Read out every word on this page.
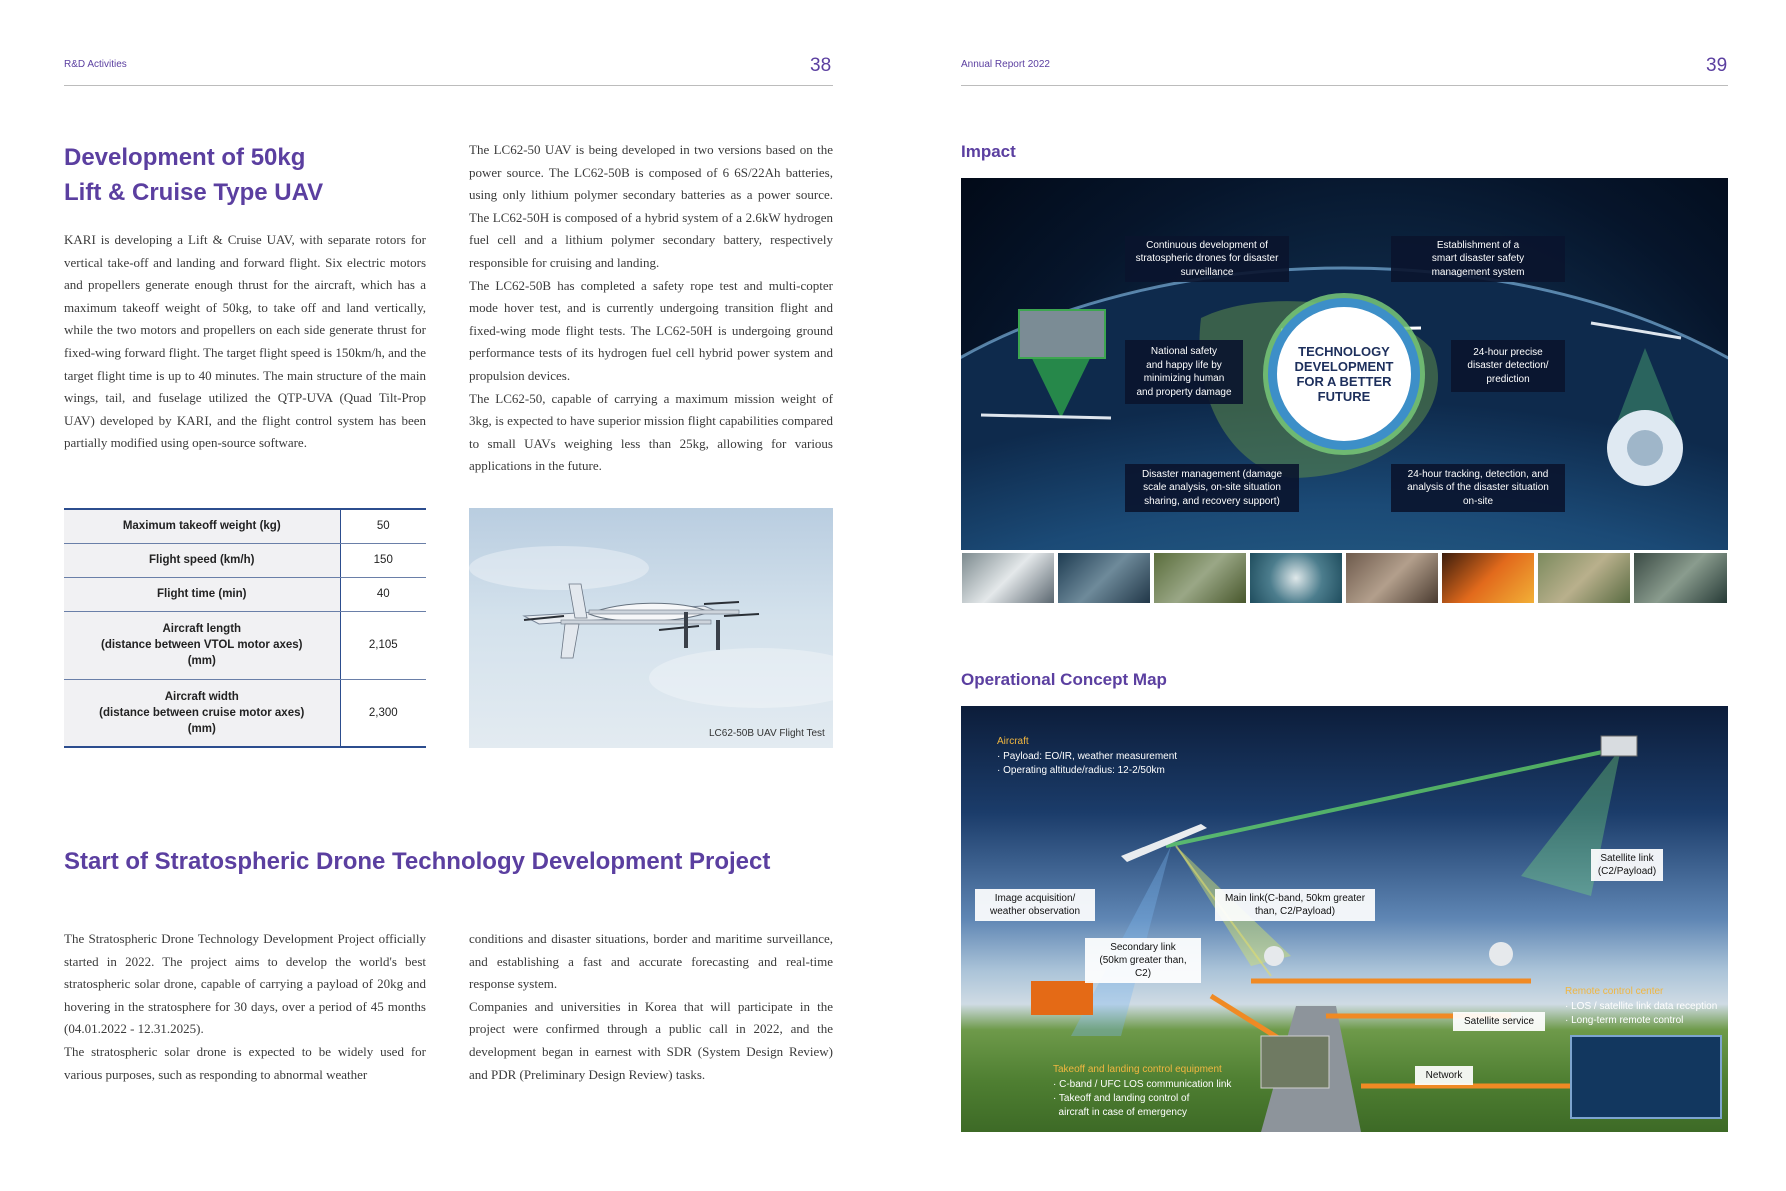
R&D Activities	38
Development of 50kg
Lift & Cruise Type UAV

KARI is developing a Lift & Cruise UAV, with separate rotors for vertical take-off and landing and forward flight. Six electric motors and propellers generate enough thrust for the aircraft, which has a maximum takeoff weight of 50kg, to take off and land vertically, while the two motors and propellers on each side generate thrust for fixed-wing forward flight. The target flight speed is 150km/h, and the target flight time is up to 40 minutes. The main structure of the main wings, tail, and fuselage utilized the QTP-UVA (Quad Tilt-Prop UAV) developed by KARI, and the flight control system has been partially modified using open-source software.

The LC62-50 UAV is being developed in two versions based on the power source. The LC62-50B is composed of 6 6S/22Ah batteries, using only lithium polymer secondary batteries as a power source. The LC62-50H is composed of a hybrid system of a 2.6kW hydrogen fuel cell and a lithium polymer secondary battery, respectively responsible for cruising and landing.

The LC62-50B has completed a safety rope test and multi-copter mode hover test, and is currently undergoing transition flight and fixed-wing mode flight tests. The LC62-50H is undergoing ground performance tests of its hydrogen fuel cell hybrid power system and propulsion devices.

The LC62-50, capable of carrying a maximum mission weight of 3kg, is expected to have superior mission flight capabilities compared to small UAVs weighing less than 25kg, allowing for various applications in the future.

Maximum takeoff weight (kg)	50
Flight speed (km/h)	150
Flight time (min)	40
Aircraft length
(distance between VTOL motor axes)
(mm)	2,105
Aircraft width
(distance between cruise motor axes)
(mm)	2,300
LC62-50B UAV Flight Test
Start of Stratospheric Drone Technology Development Project

The Stratospheric Drone Technology Development Project officially started in 2022. The project aims to develop the world's best stratospheric solar drone, capable of carrying a payload of 20kg and hovering in the stratosphere for 30 days, over a period of 45 months (04.01.2022 - 12.31.2025).

The stratospheric solar drone is expected to be widely used for various purposes, such as responding to abnormal weather

conditions and disaster situations, border and maritime surveillance, and establishing a fast and accurate forecasting and real-time response system.

Companies and universities in Korea that will participate in the project were confirmed through a public call in 2022, and the development began in earnest with SDR (System Design Review) and PDR (Preliminary Design Review) tasks.

Annual Report 2022	39
Impact
TECHNOLOGY
DEVELOPMENT
FOR A BETTER
FUTURE
Continuous development of
stratospheric drones for disaster
surveillance
Establishment of a
smart disaster safety
management system
National safety
and happy life by
minimizing human
and property damage
24-hour precise
disaster detection/
prediction
Disaster management (damage
scale analysis, on-site situation
sharing, and recovery support)
24-hour tracking, detection, and
analysis of the disaster situation
on-site
Operational Concept Map
Aircraft
· Payload: EO/IR, weather measurement
· Operating altitude/radius: 12-2/50km
Image acquisition/
weather observation
Main link(C-band, 50km greater
than, C2/Payload)
Satellite link
(C2/Payload)
Secondary link
(50km greater than, C2)
Satellite service
Network
Remote control center
· LOS / satellite link data reception
· Long-term remote control
Takeoff and landing control equipment
· C-band / UFC LOS communication link
· Takeoff and landing control of
aircraft in case of emergency
